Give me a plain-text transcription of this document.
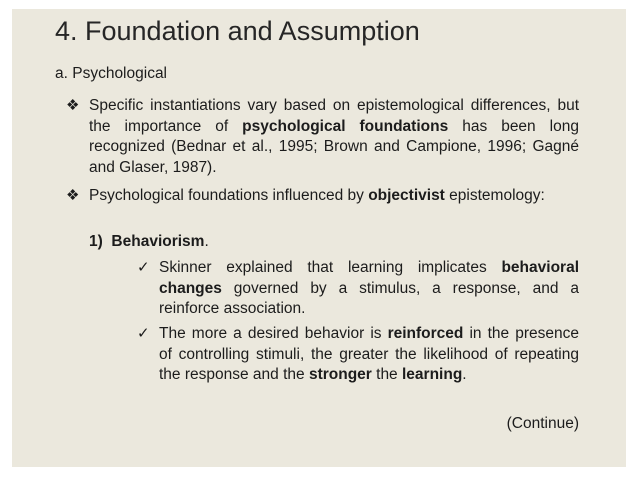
4. Foundation and Assumption
a. Psychological
❖ Specific instantiations vary based on epistemological differences, but the importance of psychological foundations has been long recognized (Bednar et al., 1995; Brown and Campione, 1996; Gagné and Glaser, 1987).
❖ Psychological foundations influenced by objectivist epistemology:
1) Behaviorism.
✓ Skinner explained that learning implicates behavioral changes governed by a stimulus, a response, and a reinforce association.
✓ The more a desired behavior is reinforced in the presence of controlling stimuli, the greater the likelihood of repeating the response and the stronger the learning.
(Continue)
